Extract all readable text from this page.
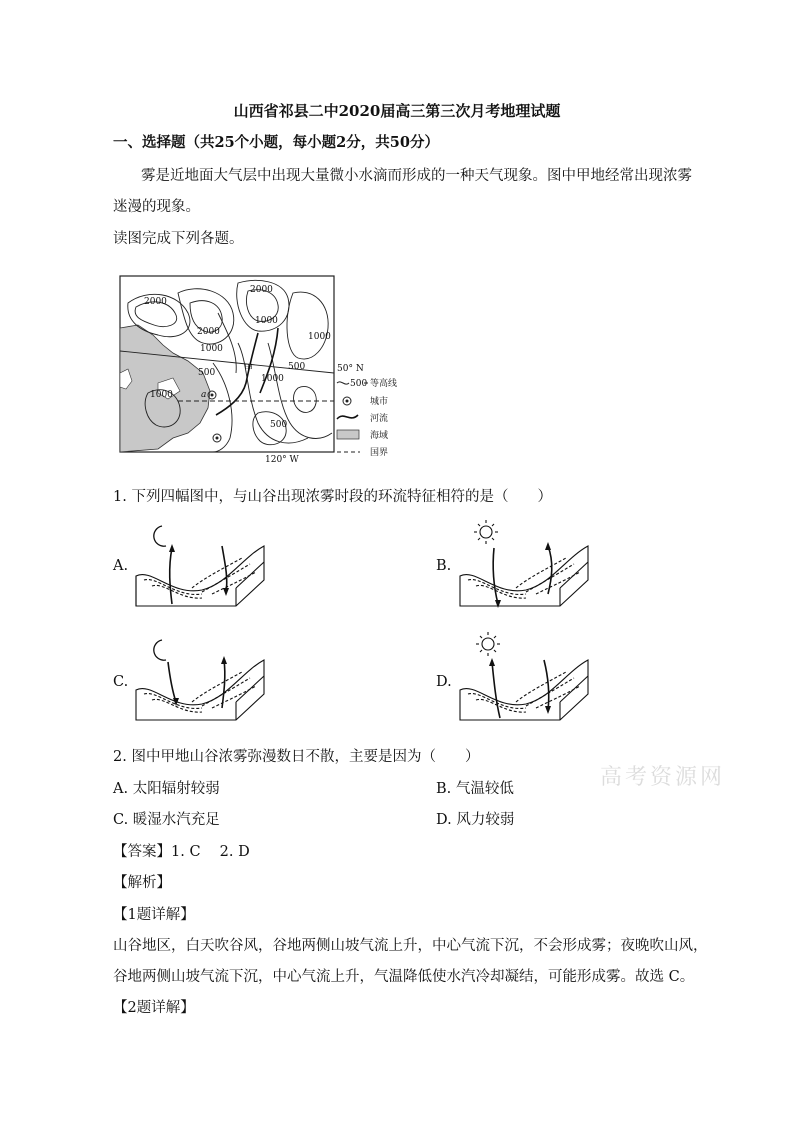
山西省祁县二中2020届高三第三次月考地理试题
一、选择题（共25个小题，每小题2分，共50分）
雾是近地面大气层中出现大量微小水滴而形成的一种天气现象。图中甲地经常出现浓雾
迷漫的现象。
读图完成下列各题。
2000
2000
2000
1000
1000
1000
1000
500
500
1000
500
甲
a
50° N
120° W
500 等高线
城市
河流
海域
国界
1. 下列四幅图中，与山谷出现浓雾时段的环流特征相符的是（　　）
A.	B.
C.	D.
2. 图中甲地山谷浓雾弥漫数日不散，主要是因为（　　）
A. 太阳辐射较弱	B. 气温较低
C. 暖湿水汽充足	D. 风力较弱
高考资源网
【答案】1. C　 2. D
【解析】
【1题详解】
山谷地区，白天吹谷风，谷地两侧山坡气流上升，中心气流下沉，不会形成雾；夜晚吹山风，
谷地两侧山坡气流下沉，中心气流上升，气温降低使水汽冷却凝结，可能形成雾。故选 C。
【2题详解】
